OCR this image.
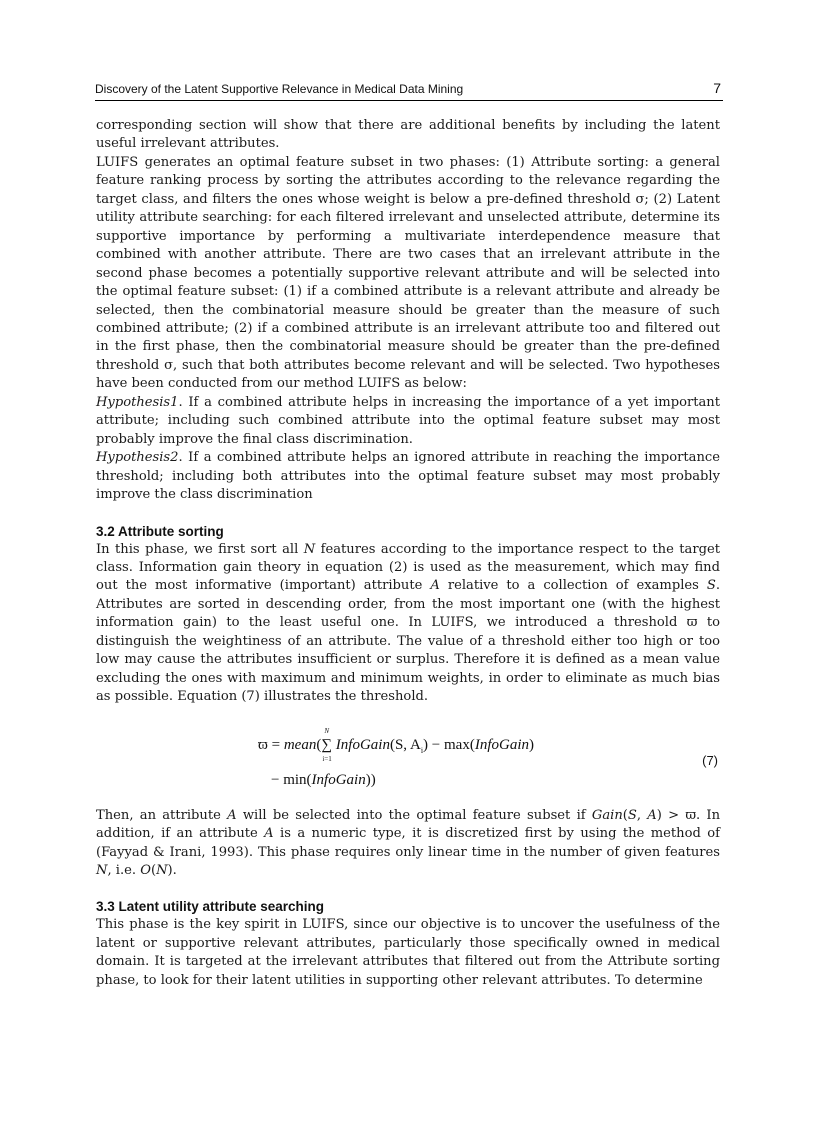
Discovery of the Latent Supportive Relevance in Medical Data Mining	7

corresponding section will show that there are additional benefits by including the latent useful irrelevant attributes.

LUIFS generates an optimal feature subset in two phases: (1) Attribute sorting: a general feature ranking process by sorting the attributes according to the relevance regarding the target class, and filters the ones whose weight is below a pre-defined threshold σ; (2) Latent utility attribute searching: for each filtered irrelevant and unselected attribute, determine its supportive importance by performing a multivariate interdependence measure that combined with another attribute. There are two cases that an irrelevant attribute in the second phase becomes a potentially supportive relevant attribute and will be selected into the optimal feature subset: (1) if a combined attribute is a relevant attribute and already be selected, then the combinatorial measure should be greater than the measure of such combined attribute; (2) if a combined attribute is an irrelevant attribute too and filtered out in the first phase, then the combinatorial measure should be greater than the pre-defined threshold σ, such that both attributes become relevant and will be selected. Two hypotheses have been conducted from our method LUIFS as below:

Hypothesis1. If a combined attribute helps in increasing the importance of a yet important attribute; including such combined attribute into the optimal feature subset may most probably improve the final class discrimination.

Hypothesis2. If a combined attribute helps an ignored attribute in reaching the importance threshold; including both attributes into the optimal feature subset may most probably improve the class discrimination

3.2 Attribute sorting

In this phase, we first sort all N features according to the importance respect to the target class. Information gain theory in equation (2) is used as the measurement, which may find out the most informative (important) attribute A relative to a collection of examples S. Attributes are sorted in descending order, from the most important one (with the highest information gain) to the least useful one. In LUIFS, we introduced a threshold ϖ to distinguish the weightiness of an attribute. The value of a threshold either too high or too low may cause the attributes insufficient or surplus. Therefore it is defined as a mean value excluding the ones with maximum and minimum weights, in order to eliminate as much bias as possible. Equation (7) illustrates the threshold.

ϖ = mean(∑
N
i=1
InfoGain(S, $A_i$) − max(InfoGain)
− min(InfoGain))
(7)

Then, an attribute A will be selected into the optimal feature subset if Gain(S, A) > ϖ. In addition, if an attribute A is a numeric type, it is discretized first by using the method of (Fayyad & Irani, 1993). This phase requires only linear time in the number of given features N, i.e. O(N).

3.3 Latent utility attribute searching

This phase is the key spirit in LUIFS, since our objective is to uncover the usefulness of the latent or supportive relevant attributes, particularly those specifically owned in medical domain. It is targeted at the irrelevant attributes that filtered out from the Attribute sorting phase, to look for their latent utilities in supporting other relevant attributes. To determine
